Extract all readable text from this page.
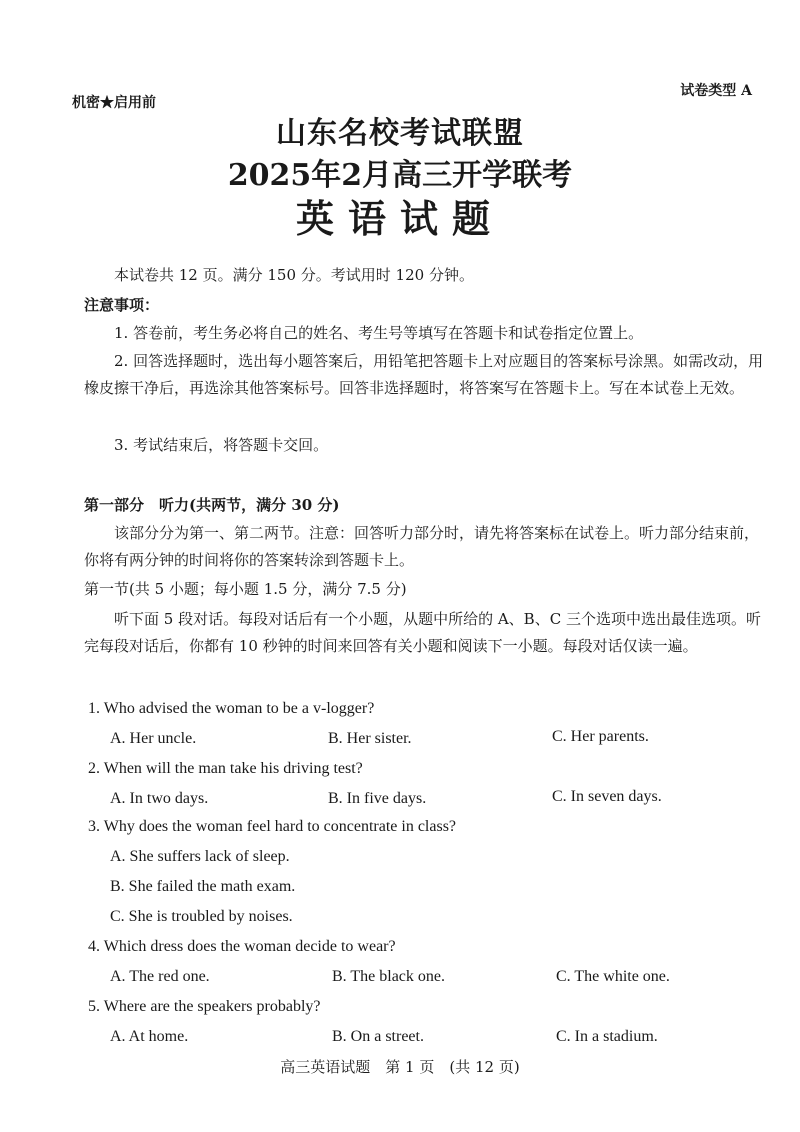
机密★启用前
试卷类型 A
山东名校考试联盟
2025年2月高三开学联考
英语试题
本试卷共 12 页。满分 150 分。考试用时 120 分钟。
注意事项：
1. 答卷前，考生务必将自己的姓名、考生号等填写在答题卡和试卷指定位置上。
2. 回答选择题时，选出每小题答案后，用铅笔把答题卡上对应题目的答案标号涂黑。如需改动，用橡皮擦干净后，再选涂其他答案标号。回答非选择题时，将答案写在答题卡上。写在本试卷上无效。
3. 考试结束后，将答题卡交回。
第一部分　听力(共两节，满分 30 分)
该部分分为第一、第二两节。注意：回答听力部分时，请先将答案标在试卷上。听力部分结束前，你将有两分钟的时间将你的答案转涂到答题卡上。
第一节(共 5 小题；每小题 1.5 分，满分 7.5 分)
听下面 5 段对话。每段对话后有一个小题，从题中所给的 A、B、C 三个选项中选出最佳选项。听完每段对话后，你都有 10 秒钟的时间来回答有关小题和阅读下一小题。每段对话仅读一遍。
1. Who advised the woman to be a v-logger?
A. Her uncle.	B. Her sister.	C. Her parents.
2. When will the man take his driving test?
A. In two days.	B. In five days.	C. In seven days.
3. Why does the woman feel hard to concentrate in class?
A. She suffers lack of sleep.
B. She failed the math exam.
C. She is troubled by noises.
4. Which dress does the woman decide to wear?
A. The red one.	B. The black one.	C. The white one.
5. Where are the speakers probably?
A. At home.	B. On a street.	C. In a stadium.
高三英语试题　第 1 页　(共 12 页)
